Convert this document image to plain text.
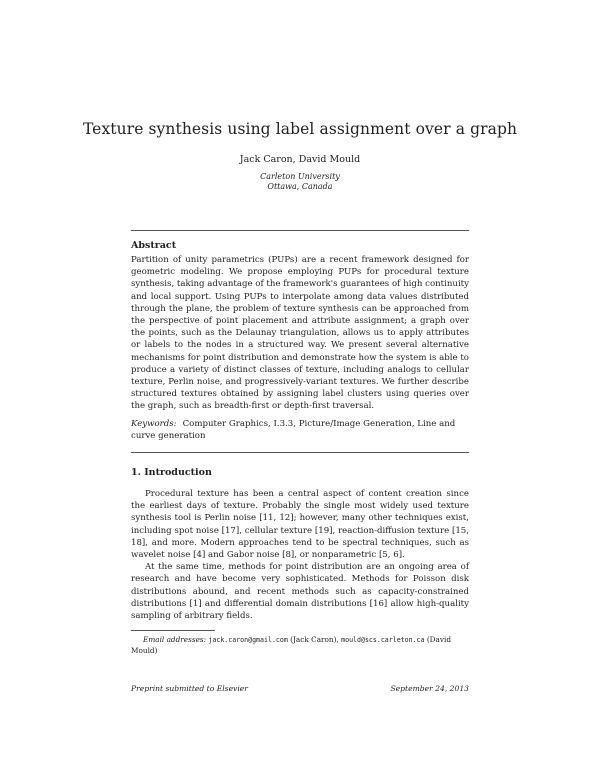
Texture synthesis using label assignment over a graph
Jack Caron, David Mould
Carleton University
Ottawa, Canada
Abstract
Partition of unity parametrics (PUPs) are a recent framework designed for geometric modeling. We propose employing PUPs for procedural texture synthesis, taking advantage of the framework's guarantees of high continuity and local support. Using PUPs to interpolate among data values distributed through the plane, the problem of texture synthesis can be approached from the perspective of point placement and attribute assignment; a graph over the points, such as the Delaunay triangulation, allows us to apply attributes or labels to the nodes in a structured way. We present several alternative mechanisms for point distribution and demonstrate how the system is able to produce a variety of distinct classes of texture, including analogs to cellular texture, Perlin noise, and progressively-variant textures. We further describe structured textures obtained by assigning label clusters using queries over the graph, such as breadth-first or depth-first traversal.
Keywords: Computer Graphics, I.3.3, Picture/Image Generation, Line and curve generation
1. Introduction

Procedural texture has been a central aspect of content creation since the earliest days of texture. Probably the single most widely used texture synthesis tool is Perlin noise [11, 12]; however, many other techniques exist, including spot noise [17], cellular texture [19], reaction-diffusion texture [15, 18], and more. Modern approaches tend to be spectral techniques, such as wavelet noise [4] and Gabor noise [8], or nonparametric [5, 6].

At the same time, methods for point distribution are an ongoing area of research and have become very sophisticated. Methods for Poisson disk distributions abound, and recent methods such as capacity-constrained distributions [1] and differential domain distributions [16] allow high-quality sampling of arbitrary fields.

Email addresses: jack.caron@gmail.com (Jack Caron), mould@scs.carleton.ca (David Mould)
Preprint submitted to Elsevier	September 24, 2013
